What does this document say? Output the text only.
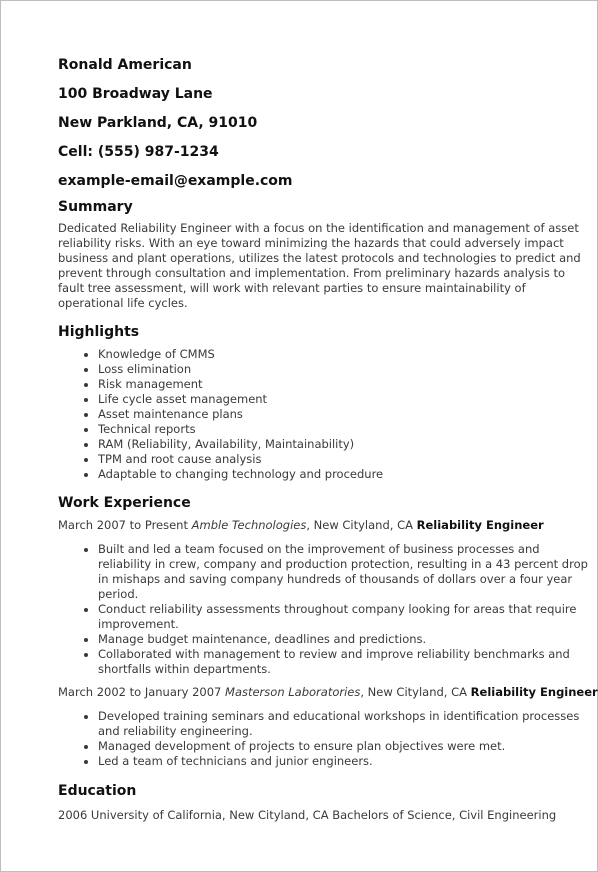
Ronald American
100 Broadway Lane
New Parkland, CA, 91010
Cell: (555) 987-1234
example-email@example.com
Summary

Dedicated Reliability Engineer with a focus on the identification and management of asset reliability risks. With an eye toward minimizing the hazards that could adversely impact business and plant operations, utilizes the latest protocols and technologies to predict and prevent through consultation and implementation. From preliminary hazards analysis to fault tree assessment, will work with relevant parties to ensure maintainability of operational life cycles.

Highlights
• Knowledge of CMMS
• Loss elimination
• Risk management
• Life cycle asset management
• Asset maintenance plans
• Technical reports
• RAM (Reliability, Availability, Maintainability)
• TPM and root cause analysis
• Adaptable to changing technology and procedure
Work Experience
March 2007 to Present Amble Technologies, New Cityland, CA Reliability Engineer
• Built and led a team focused on the improvement of business processes and reliability in crew, company and production protection, resulting in a 43 percent drop in mishaps and saving company hundreds of thousands of dollars over a four year period.
• Conduct reliability assessments throughout company looking for areas that require improvement.
• Manage budget maintenance, deadlines and predictions.
• Collaborated with management to review and improve reliability benchmarks and shortfalls within departments.
March 2002 to January 2007 Masterson Laboratories, New Cityland, CA Reliability Engineer
• Developed training seminars and educational workshops in identification processes and reliability engineering.
• Managed development of projects to ensure plan objectives were met.
• Led a team of technicians and junior engineers.
Education
2006 University of California, New Cityland, CA Bachelors of Science, Civil Engineering
